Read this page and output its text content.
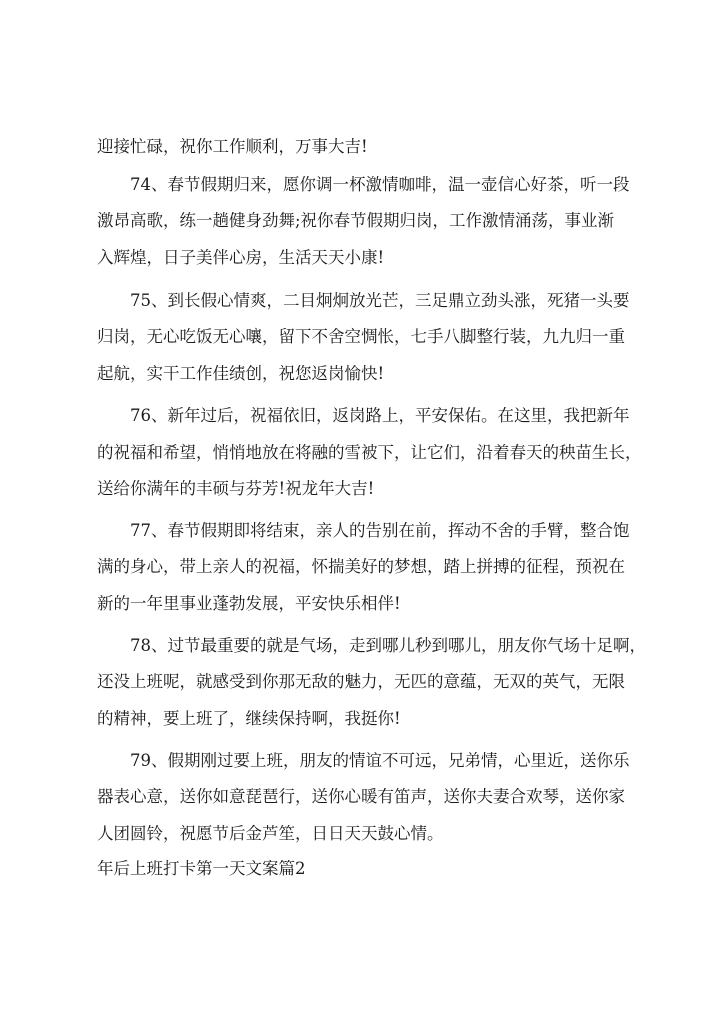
迎接忙碌，祝你工作顺利，万事大吉!
74、春节假期归来，愿你调一杯激情咖啡，温一壶信心好茶，听一段
激昂高歌，练一趟健身劲舞;祝你春节假期归岗，工作激情涌荡，事业渐
入辉煌，日子美伴心房，生活天天小康!
75、到长假心情爽，二目炯炯放光芒，三足鼎立劲头涨，死猪一头要
归岗，无心吃饭无心嚷，留下不舍空惆怅，七手八脚整行装，九九归一重
起航，实干工作佳绩创，祝您返岗愉快!
76、新年过后，祝福依旧，返岗路上，平安保佑。在这里，我把新年
的祝福和希望，悄悄地放在将融的雪被下，让它们，沿着春天的秧苗生长，
送给你满年的丰硕与芬芳!祝龙年大吉!
77、春节假期即将结束，亲人的告别在前，挥动不舍的手臂，整合饱
满的身心，带上亲人的祝福，怀揣美好的梦想，踏上拼搏的征程，预祝在
新的一年里事业蓬勃发展，平安快乐相伴!
78、过节最重要的就是气场，走到哪儿秒到哪儿，朋友你气场十足啊，
还没上班呢，就感受到你那无敌的魅力，无匹的意蕴，无双的英气，无限
的精神，要上班了，继续保持啊，我挺你!
79、假期刚过要上班，朋友的情谊不可远，兄弟情，心里近，送你乐
器表心意，送你如意琵琶行，送你心暖有笛声，送你夫妻合欢琴，送你家
人团圆铃，祝愿节后金芦笙，日日天天鼓心情。
年后上班打卡第一天文案篇2
